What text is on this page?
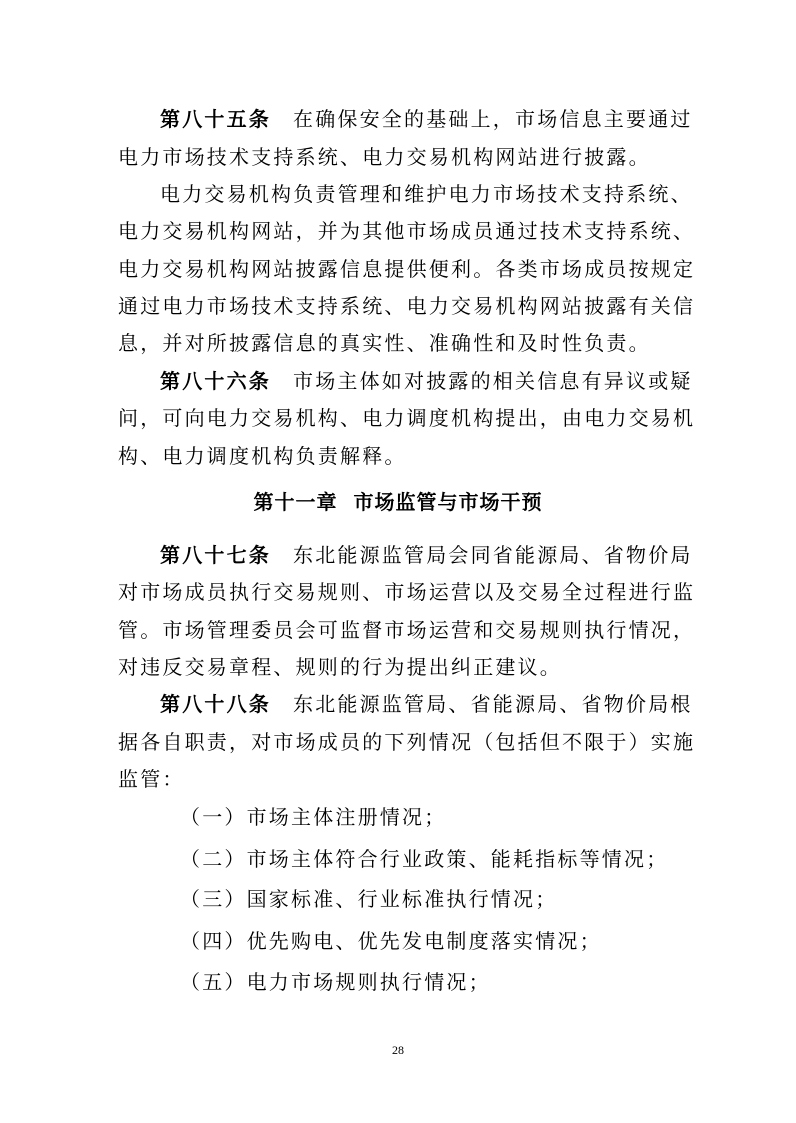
第八十五条 在确保安全的基础上，市场信息主要通过
电力市场技术支持系统、电力交易机构网站进行披露。
电力交易机构负责管理和维护电力市场技术支持系统、
电力交易机构网站，并为其他市场成员通过技术支持系统、
电力交易机构网站披露信息提供便利。各类市场成员按规定
通过电力市场技术支持系统、电力交易机构网站披露有关信
息，并对所披露信息的真实性、准确性和及时性负责。
第八十六条 市场主体如对披露的相关信息有异议或疑
问，可向电力交易机构、电力调度机构提出，由电力交易机
构、电力调度机构负责解释。
第十一章  市场监管与市场干预
第八十七条 东北能源监管局会同省能源局、省物价局
对市场成员执行交易规则、市场运营以及交易全过程进行监
管。市场管理委员会可监督市场运营和交易规则执行情况，
对违反交易章程、规则的行为提出纠正建议。
第八十八条 东北能源监管局、省能源局、省物价局根
据各自职责，对市场成员的下列情况（包括但不限于）实施
监管：
（一）市场主体注册情况；
（二）市场主体符合行业政策、能耗指标等情况；
（三）国家标准、行业标准执行情况；
（四）优先购电、优先发电制度落实情况；
（五）电力市场规则执行情况；
28
